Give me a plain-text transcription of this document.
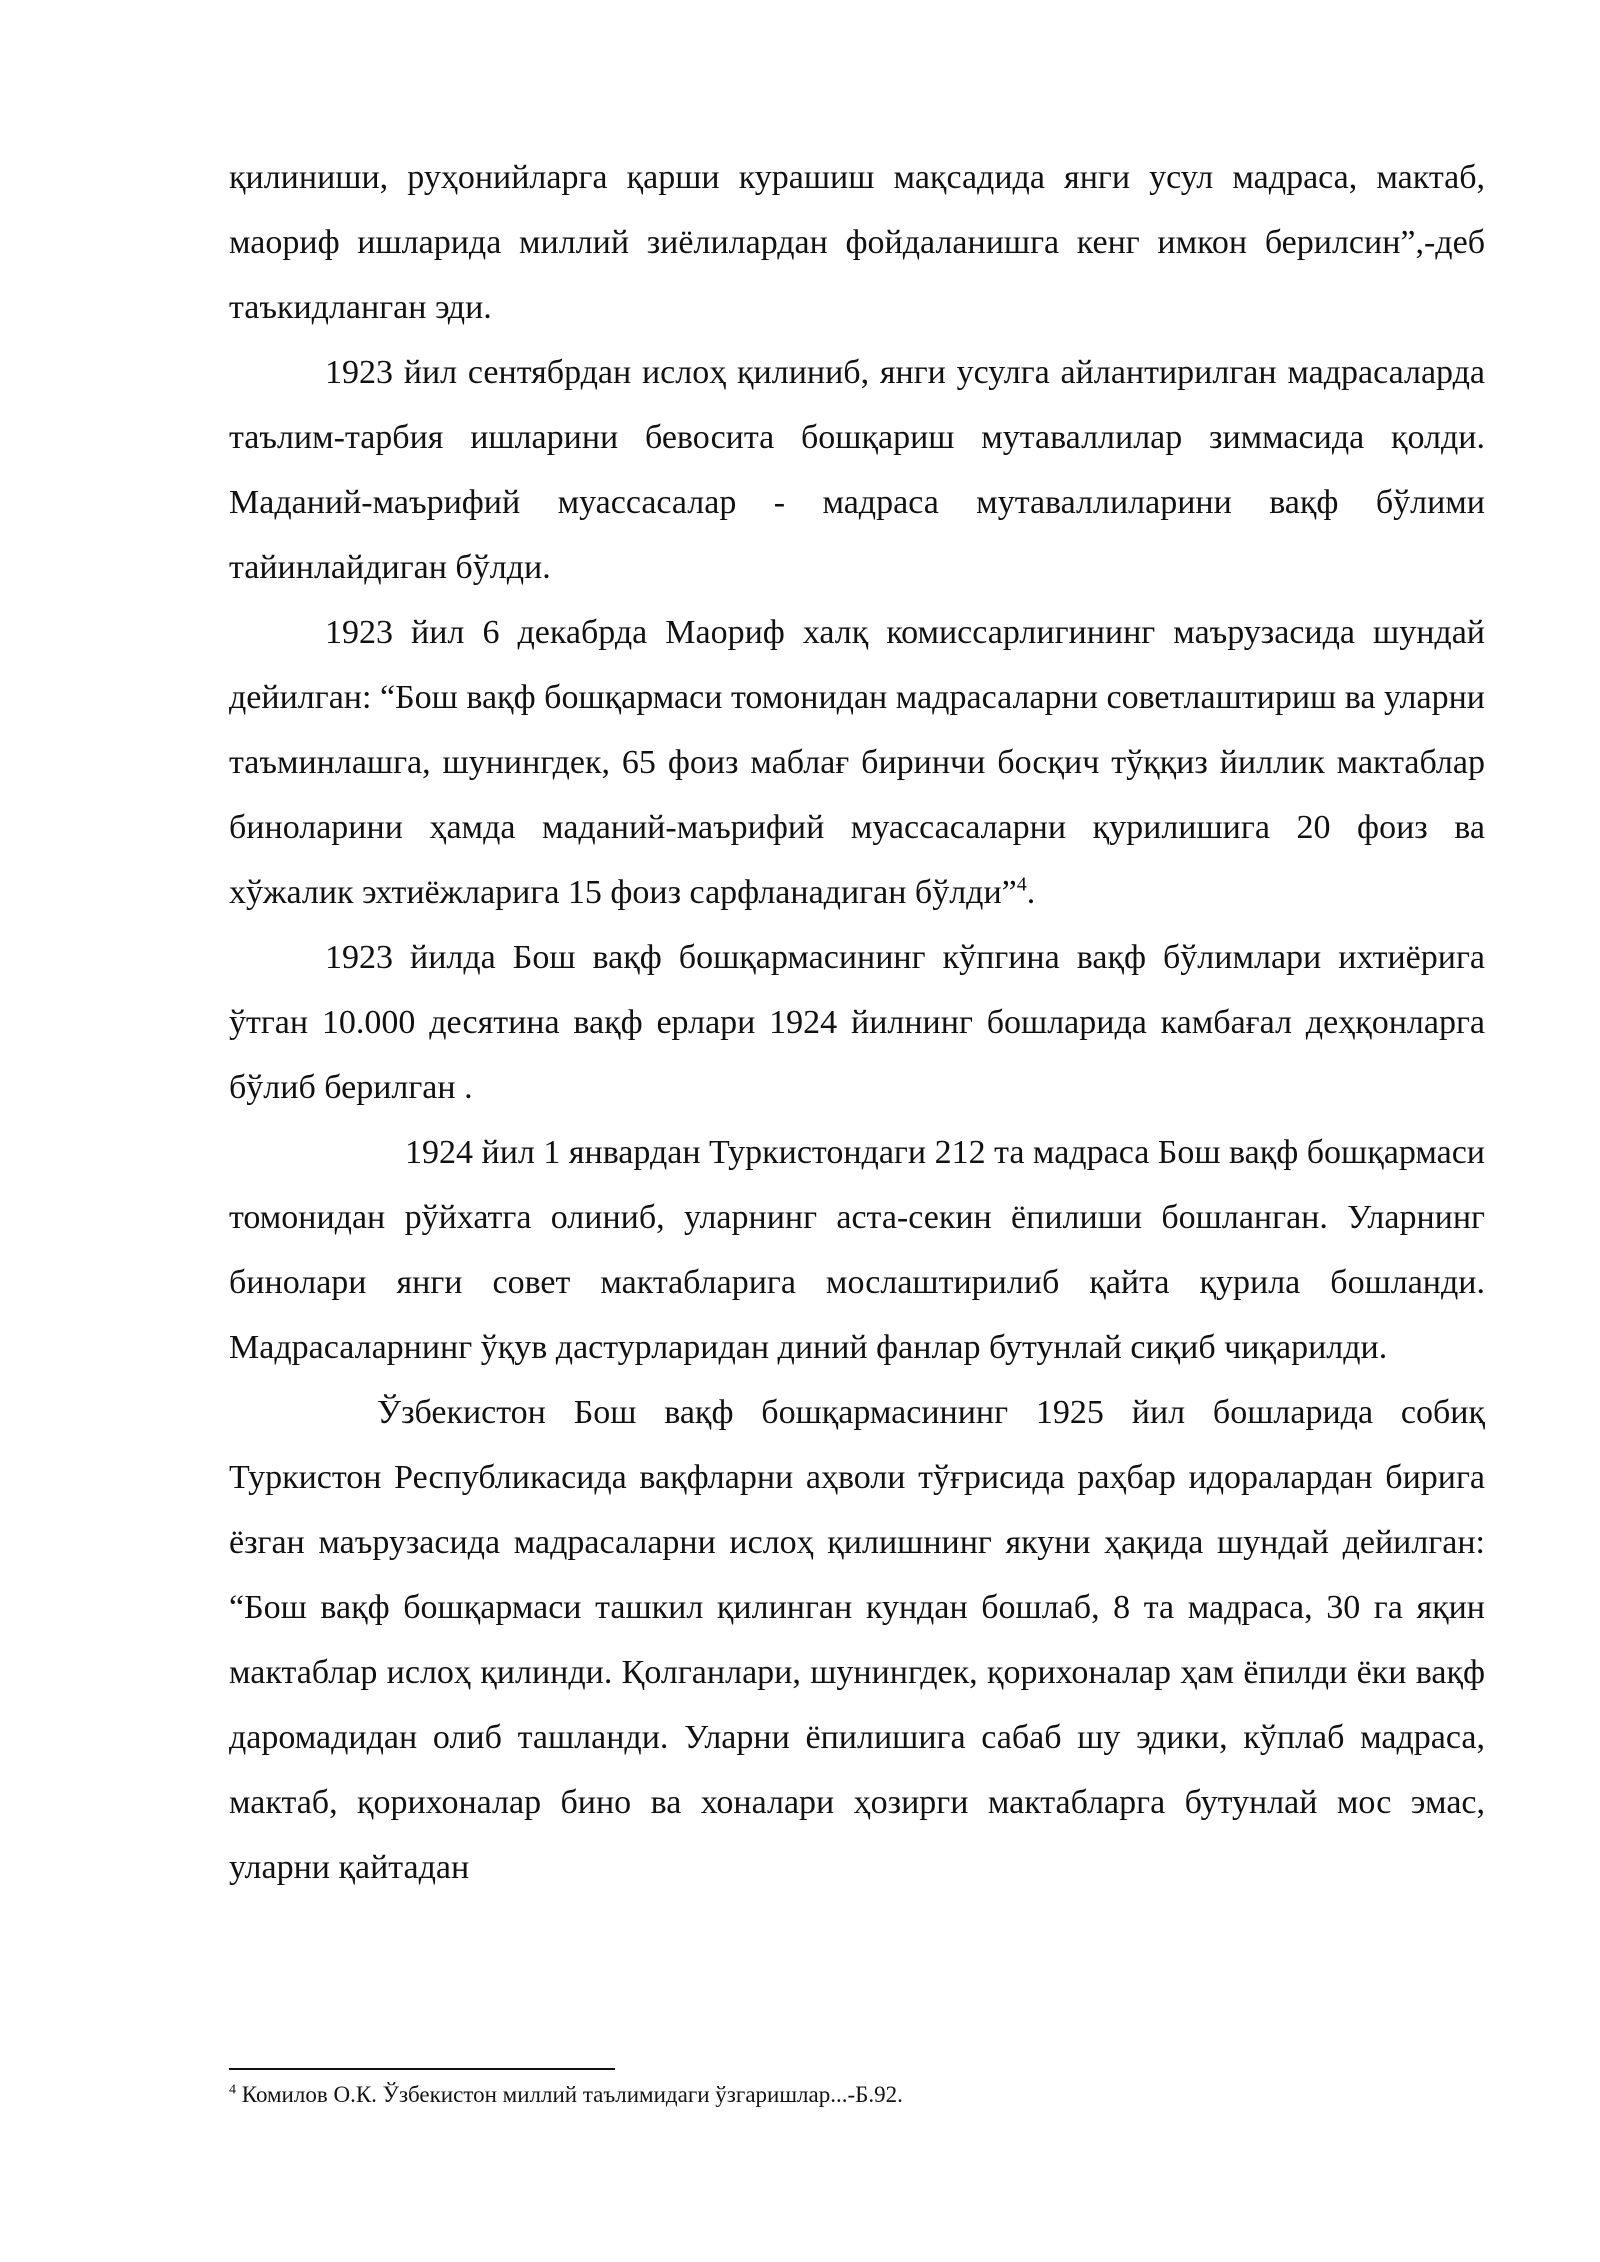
қилиниши, руҳонийларга қарши курашиш мақсадида янги усул мадраса, мактаб, маориф ишларида миллий зиёлилардан фойдаланишга кенг имкон берилсин”,-деб таъкидланган эди.

1923 йил сентябрдан ислоҳ қилиниб, янги усулга айлантирилган мадрасаларда таълим-тарбия ишларини бевосита бошқариш мутаваллилар зиммасида қолди. Маданий-маърифий муассасалар - мадраса мутаваллиларини вақф бўлими тайинлайдиган бўлди.

1923 йил 6 декабрда Маориф халқ комиссарлигининг маърузасида шундай дейилган: “Бош вақф бошқармаси томонидан мадрасаларни советлаштириш ва уларни таъминлашга, шунингдек, 65 фоиз маблағ биринчи босқич тўққиз йиллик мактаблар биноларини ҳамда маданий-маърифий муассасаларни қурилишига 20 фоиз ва хўжалик эхтиёжларига 15 фоиз сарфланадиган бўлди”$^4$.

1923 йилда Бош вақф бошқармасининг кўпгина вақф бўлимлари ихтиёрига ўтган 10.000 десятина вақф ерлари 1924 йилнинг бошларида камбағал деҳқонларга бўлиб берилган .

1924 йил 1 январдан Туркистондаги 212 та мадраса Бош вақф бошқармаси томонидан рўйхатга олиниб, уларнинг аста-секин ёпилиши бошланган. Уларнинг бинолари янги совет мактабларига мослаштирилиб қайта қурила бошланди. Мадрасаларнинг ўқув дастурларидан диний фанлар бутунлай сиқиб чиқарилди.

Ўзбекистон Бош вақф бошқармасининг 1925 йил бошларида собиқ Туркистон Республикасида вақфларни аҳволи тўғрисида раҳбар идоралардан бирига ёзган маърузасида мадрасаларни ислоҳ қилишнинг якуни ҳақида шундай дейилган: “Бош вақф бошқармаси ташкил қилинган кундан бошлаб, 8 та мадраса, 30 га яқин мактаблар ислоҳ қилинди. Қолганлари, шунингдек, қорихоналар ҳам ёпилди ёки вақф даромадидан олиб ташланди. Уларни ёпилишига сабаб шу эдики, кўплаб мадраса, мактаб, қорихоналар бино ва хоналари ҳозирги мактабларга бутунлай мос эмас, уларни қайтадан

$^4$ Комилов О.К. Ўзбекистон миллий таълимидаги ўзгаришлар...-Б.92.
